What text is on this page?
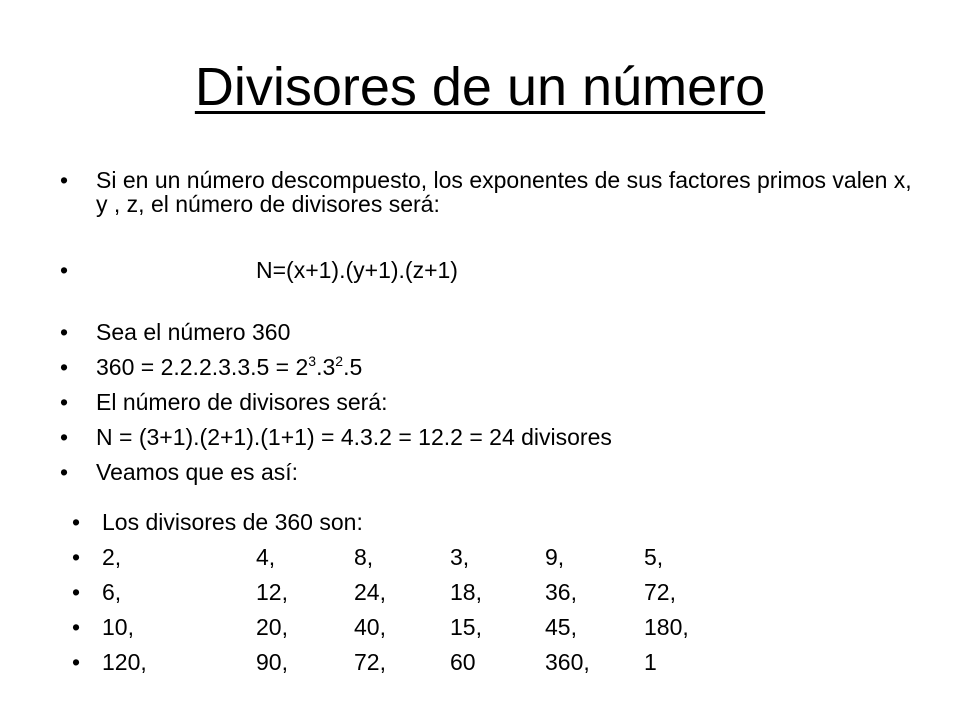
Divisores de un número
• Si en un número descompuesto, los exponentes de sus factores primos valen x, y , z, el número de divisores será:
•	N=(x+1).(y+1).(z+1)
• Sea el número 360
• $360 = 2.2.2.3.3.5 = 2^3.3^2.5$
• El número de divisores será:
• N = (3+1).(2+1).(1+1) = 4.3.2 = 12.2 = 24 divisores
• Veamos que es así:
• Los divisores de 360 son:
• 2,	4,	8,	3,	9,	5,
• 6,	12,	24,	18,	36,	72,
• 10,	20,	40,	15,	45,	180,
• 120,	90,	72,	60	360, 1
